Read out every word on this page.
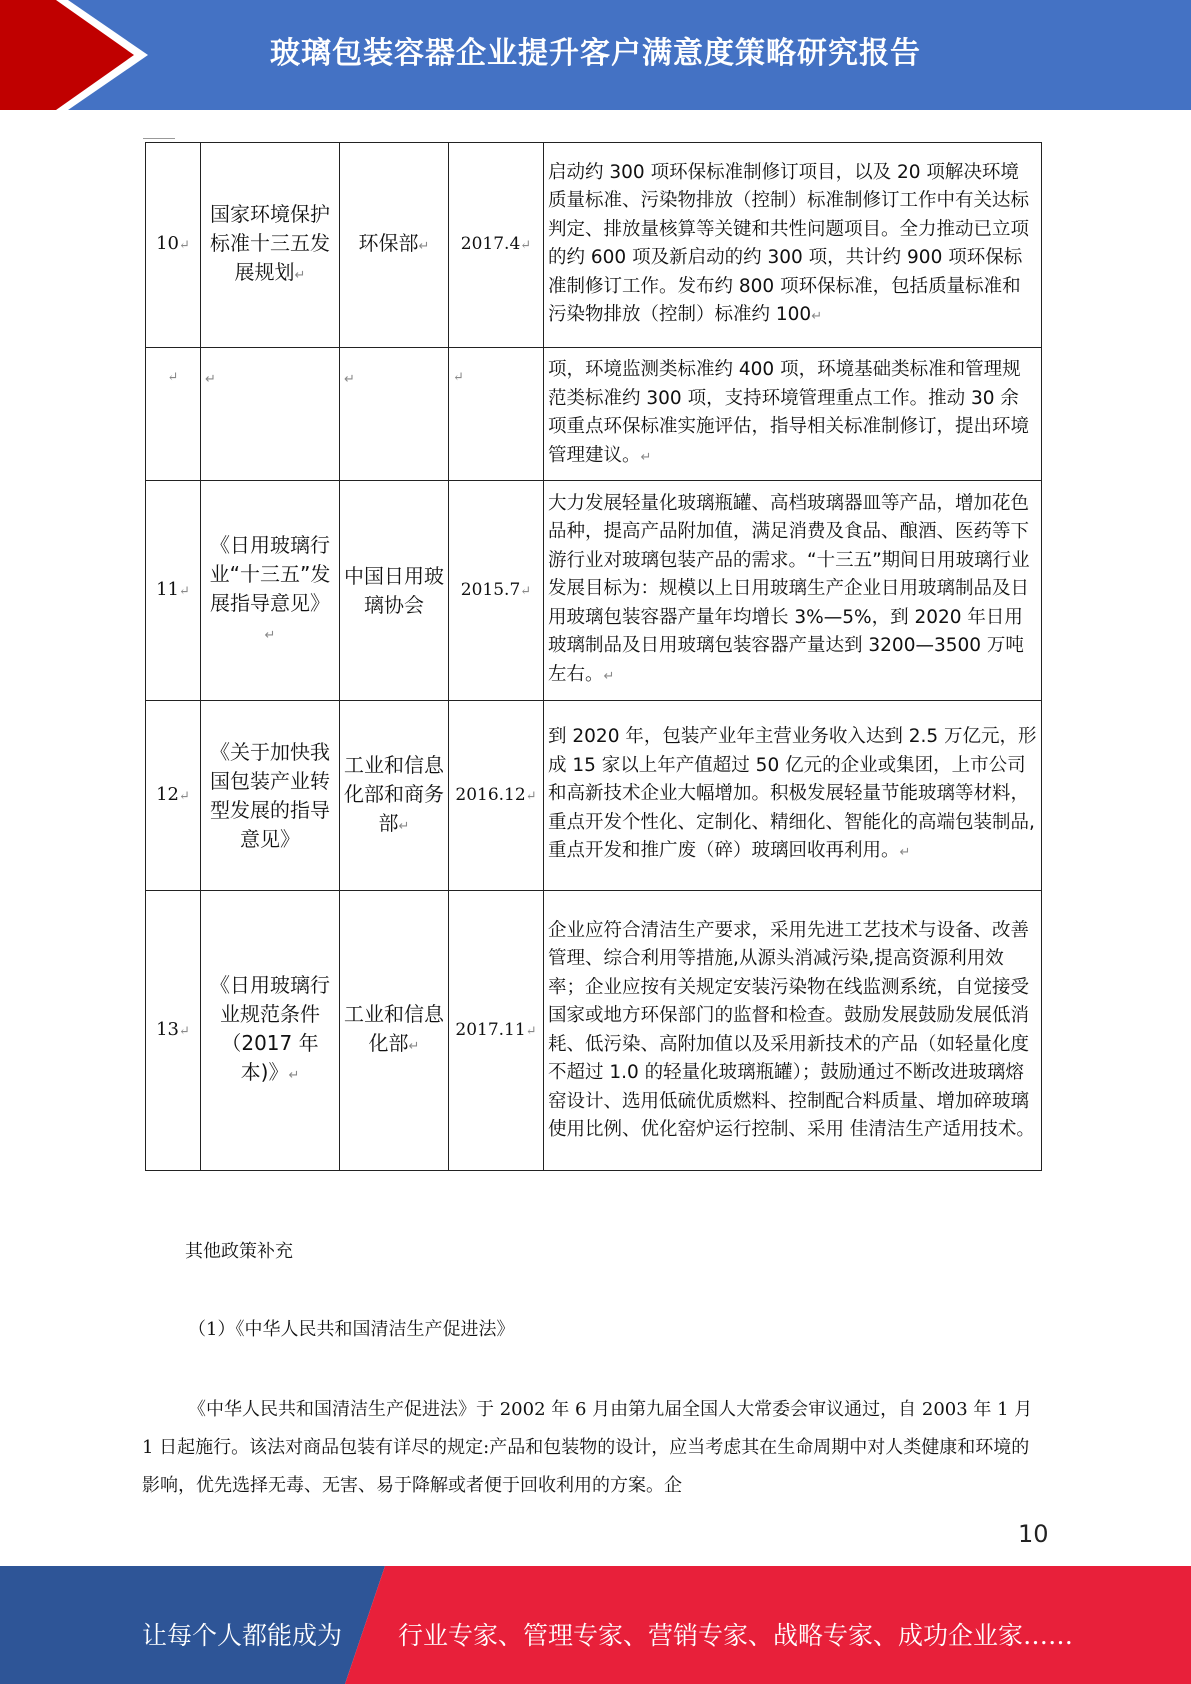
玻璃包装容器企业提升客户满意度策略研究报告
10↵	国家环境保护标准十三五发展规划↵	环保部↵	2017.4↵	启动约 300 项环保标准制修订项目，以及 20 项解决环境质量标准、污染物排放（控制）标准制修订工作中有关达标判定、排放量核算等关键和共性问题项目。全力推动已立项的约 600 项及新启动的约 300 项，共计约 900 项环保标准制修订工作。发布约 800 项环保标准，包括质量标准和污染物排放（控制）标准约 100↵
↵	↵	↵	↵	项，环境监测类标准约 400 项，环境基础类标准和管理规范类标准约 300 项，支持环境管理重点工作。推动 30 余项重点环保标准实施评估，指导相关标准制修订，提出环境管理建议。↵
11↵	《日用玻璃行业“十三五”发展指导意见》↵	中国日用玻璃协会	2015.7↵	大力发展轻量化玻璃瓶罐、高档玻璃器皿等产品，增加花色品种，提高产品附加值，满足消费及食品、酿酒、医药等下游行业对玻璃包装产品的需求。“十三五”期间日用玻璃行业发展目标为：规模以上日用玻璃生产企业日用玻璃制品及日用玻璃包装容器产量年均增长 3%—5%，到 2020 年日用玻璃制品及日用玻璃包装容器产量达到 3200—3500 万吨左右。↵
12↵	《关于加快我国包装产业转型发展的指导意见》	工业和信息化部和商务部↵	2016.12↵	到 2020 年，包装产业年主营业务收入达到 2.5 万亿元，形成 15 家以上年产值超过 50 亿元的企业或集团，上市公司和高新技术企业大幅增加。积极发展轻量节能玻璃等材料，重点开发个性化、定制化、精细化、智能化的高端包装制品,重点开发和推广废（碎）玻璃回收再利用。↵
13↵	《日用玻璃行业规范条件（2017 年本)》↵	工业和信息化部↵	2017.11↵	企业应符合清洁生产要求，采用先进工艺技术与设备、改善管理、综合利用等措施,从源头消减污染,提高资源利用效率；企业应按有关规定安装污染物在线监测系统，自觉接受国家或地方环保部门的监督和检查。鼓励发展鼓励发展低消耗、低污染、高附加值以及采用新技术的产品（如轻量化度不超过 1.0 的轻量化玻璃瓶罐）；鼓励通过不断改进玻璃熔窑设计、选用低硫优质燃料、控制配合料质量、增加碎玻璃使用比例、优化窑炉运行控制、采用 佳清洁生产适用技术。
其他政策补充
（1）《中华人民共和国清洁生产促进法》
《中华人民共和国清洁生产促进法》于 2002 年 6 月由第九届全国人大常委会审议通过，自 2003 年 1 月 1 日起施行。该法对商品包装有详尽的规定:产品和包装物的设计，应当考虑其在生命周期中对人类健康和环境的影响，优先选择无毒、无害、易于降解或者便于回收利用的方案。企
10
让每个人都能成为 行业专家、管理专家、营销专家、战略专家、成功企业家……
